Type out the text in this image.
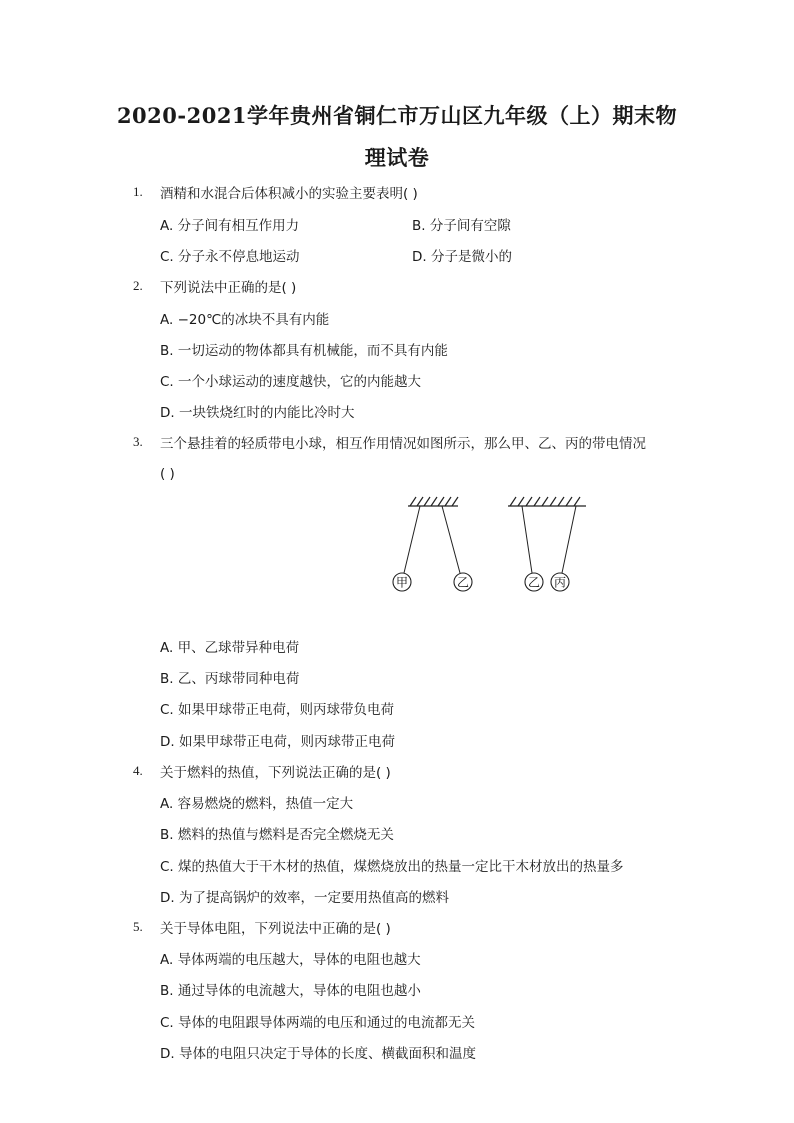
2020-2021学年贵州省铜仁市万山区九年级（上）期末物
理试卷
1. 酒精和水混合后体积减小的实验主要表明( )
A. 分子间有相互作用力	B. 分子间有空隙
C. 分子永不停息地运动	D. 分子是微小的
2. 下列说法中正确的是( )
A. −20℃的冰块不具有内能
B. 一切运动的物体都具有机械能，而不具有内能
C. 一个小球运动的速度越快，它的内能越大
D. 一块铁烧红时的内能比冷时大
3. 三个悬挂着的轻质带电小球，相互作用情况如图所示，那么甲、乙、丙的带电情况
( )
甲	乙	乙 丙
A. 甲、乙球带异种电荷
B. 乙、丙球带同种电荷
C. 如果甲球带正电荷，则丙球带负电荷
D. 如果甲球带正电荷，则丙球带正电荷
4. 关于燃料的热值，下列说法正确的是( )
A. 容易燃烧的燃料，热值一定大
B. 燃料的热值与燃料是否完全燃烧无关
C. 煤的热值大于干木材的热值，煤燃烧放出的热量一定比干木材放出的热量多
D. 为了提高锅炉的效率，一定要用热值高的燃料
5. 关于导体电阻，下列说法中正确的是( )
A. 导体两端的电压越大，导体的电阻也越大
B. 通过导体的电流越大，导体的电阻也越小
C. 导体的电阻跟导体两端的电压和通过的电流都无关
D. 导体的电阻只决定于导体的长度、横截面积和温度
